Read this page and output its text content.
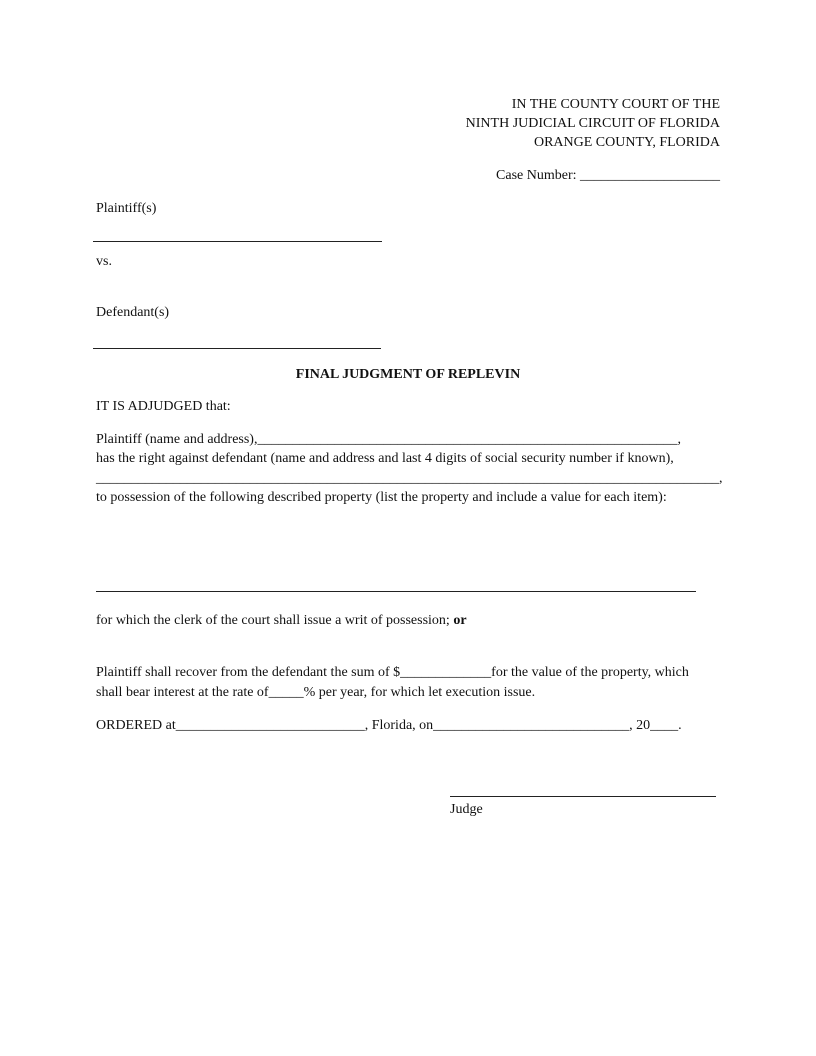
IN THE COUNTY COURT OF THE
NINTH JUDICIAL CIRCUIT OF FLORIDA
ORANGE COUNTY, FLORIDA
Case Number: ____________________
Plaintiff(s)
vs.
Defendant(s)
FINAL JUDGMENT OF REPLEVIN
IT IS ADJUDGED that:
Plaintiff (name and address),____________________________________________________________,
has the right against defendant (name and address and last 4 digits of social security number if known),
_________________________________________________________________________________________,
to possession of the following described property (list the property and include a value for each item):
for which the clerk of the court shall issue a writ of possession; or
Plaintiff shall recover from the defendant the sum of $_____________for the value of the property, which
shall bear interest at the rate of_____% per year, for which let execution issue.
ORDERED at___________________________, Florida, on____________________________, 20____.
Judge
